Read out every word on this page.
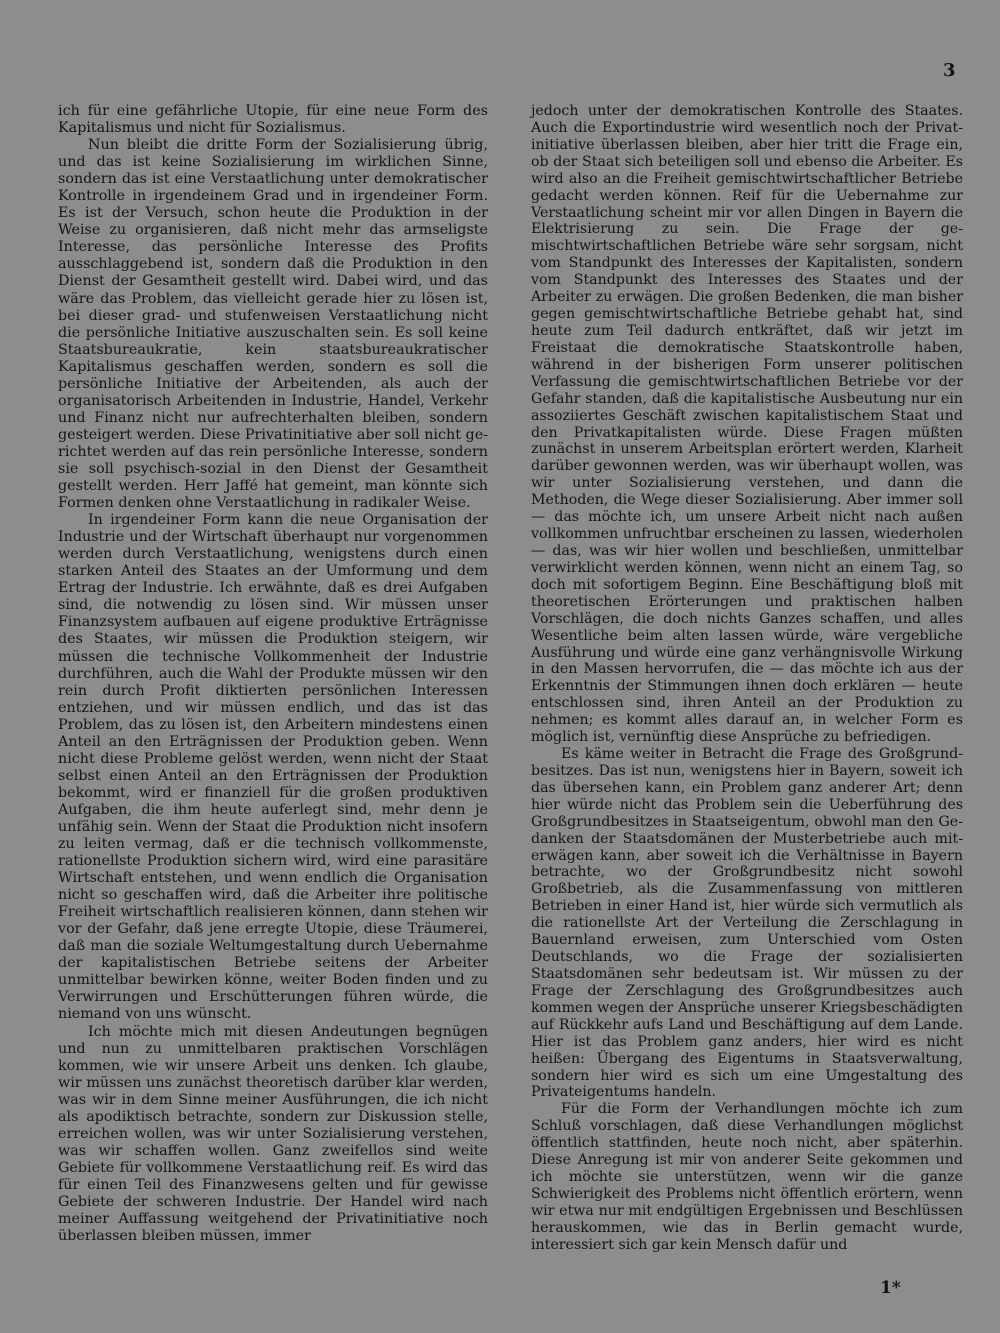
3

ich für eine gefährliche Utopie, für eine neue Form des Kapitalismus und nicht für Sozialismus.

Nun bleibt die dritte Form der Sozialisierung übrig, und das ist keine Sozialisierung im wirklichen Sinne, sondern das ist eine Verstaatlichung unter demokratischer Kontrolle in irgendeinem Grad und in irgendeiner Form. Es ist der Versuch, schon heute die Produktion in der Weise zu organisieren, daß nicht mehr das armseligste Interesse, das persönliche Interesse des Profits ausschlaggebend ist, sondern daß die Produktion in den Dienst der Gesamtheit gestellt wird. Dabei wird, und das wäre das Problem, das vielleicht gerade hier zu lösen ist, bei dieser grad- und stufenweisen Verstaatlichung nicht die persönliche Initiative auszuschalten sein. Es soll keine Staatsbureaukratie, kein staatsbureaukratischer Kapitalismus geschaffen werden, sondern es soll die persönliche Initiative der Arbeitenden, als auch der organisatorisch Arbeitenden in Industrie, Handel, Verkehr und Finanz nicht nur aufrechterhalten bleiben, sondern gesteigert werden. Diese Privatinitiative aber soll nicht gerichtet werden auf das rein persönliche Interesse, sondern sie soll psychisch-sozial in den Dienst der Gesamtheit gestellt werden. Herr Jaffé hat gemeint, man könnte sich Formen denken ohne Verstaatlichung in radikaler Weise.

In irgendeiner Form kann die neue Organisation der Industrie und der Wirtschaft überhaupt nur vorgenommen werden durch Verstaatlichung, wenigstens durch einen starken Anteil des Staates an der Umformung und dem Ertrag der Industrie. Ich erwähnte, daß es drei Aufgaben sind, die notwendig zu lösen sind. Wir müssen unser Finanzsystem aufbauen auf eigene produktive Erträgnisse des Staates, wir müssen die Produktion steigern, wir müssen die technische Vollkommenheit der Industrie durchführen, auch die Wahl der Produkte müssen wir den rein durch Profit diktierten persönlichen Interessen entziehen, und wir müssen endlich, und das ist das Problem, das zu lösen ist, den Arbeitern mindestens einen Anteil an den Erträgnissen der Produktion geben. Wenn nicht diese Probleme gelöst werden, wenn nicht der Staat selbst einen Anteil an den Erträgnissen der Produktion bekommt, wird er finanziell für die großen produktiven Aufgaben, die ihm heute auferlegt sind, mehr denn je unfähig sein. Wenn der Staat die Produktion nicht insofern zu leiten vermag, daß er die technisch vollkommenste, rationellste Produktion sichern wird, wird eine parasitäre Wirtschaft entstehen, und wenn endlich die Organisation nicht so geschaffen wird, daß die Arbeiter ihre politische Freiheit wirtschaftlich realisieren können, dann stehen wir vor der Gefahr, daß jene erregte Utopie, diese Träumerei, daß man die soziale Weltumgestaltung durch Uebernahme der kapitalistischen Betriebe seitens der Arbeiter unmittelbar bewirken könne, weiter Boden finden und zu Verwirrungen und Erschütterungen führen würde, die niemand von uns wünscht.

Ich möchte mich mit diesen Andeutungen begnügen und nun zu unmittelbaren praktischen Vorschlägen kommen, wie wir unsere Arbeit uns denken. Ich glaube, wir müssen uns zunächst theoretisch darüber klar werden, was wir in dem Sinne meiner Ausführungen, die ich nicht als apodiktisch betrachte, sondern zur Diskussion stelle, erreichen wollen, was wir unter Sozialisierung verstehen, was wir schaffen wollen. Ganz zweifellos sind weite Gebiete für vollkommene Verstaatlichung reif. Es wird das für einen Teil des Finanzwesens gelten und für gewisse Gebiete der schweren Industrie. Der Handel wird nach meiner Auffassung weitgehend der Privatinitiative noch überlassen bleiben müssen, immer

jedoch unter der demokratischen Kontrolle des Staates. Auch die Exportindustrie wird wesentlich noch der Privatinitiative überlassen bleiben, aber hier tritt die Frage ein, ob der Staat sich beteiligen soll und ebenso die Arbeiter. Es wird also an die Freiheit gemischtwirtschaftlicher Betriebe gedacht werden können. Reif für die Uebernahme zur Verstaatlichung scheint mir vor allen Dingen in Bayern die Elektrisierung zu sein. Die Frage der gemischtwirtschaftlichen Betriebe wäre sehr sorgsam, nicht vom Standpunkt des Interesses der Kapitalisten, sondern vom Standpunkt des Interesses des Staates und der Arbeiter zu erwägen. Die großen Bedenken, die man bisher gegen gemischtwirtschaftliche Betriebe gehabt hat, sind heute zum Teil dadurch entkräftet, daß wir jetzt im Freistaat die demokratische Staatskontrolle haben, während in der bisherigen Form unserer politischen Verfassung die gemischtwirtschaftlichen Betriebe vor der Gefahr standen, daß die kapitalistische Ausbeutung nur ein assoziiertes Geschäft zwischen kapitalistischem Staat und den Privatkapitalisten würde. Diese Fragen müßten zunächst in unserem Arbeitsplan erörtert werden, Klarheit darüber gewonnen werden, was wir überhaupt wollen, was wir unter Sozialisierung verstehen, und dann die Methoden, die Wege dieser Sozialisierung. Aber immer soll — das möchte ich, um unsere Arbeit nicht nach außen vollkommen unfruchtbar erscheinen zu lassen, wiederholen — das, was wir hier wollen und beschließen, unmittelbar verwirklicht werden können, wenn nicht an einem Tag, so doch mit sofortigem Beginn. Eine Beschäftigung bloß mit theoretischen Erörterungen und praktischen halben Vorschlägen, die doch nichts Ganzes schaffen, und alles Wesentliche beim alten lassen würde, wäre vergebliche Ausführung und würde eine ganz verhängnisvolle Wirkung in den Massen hervorrufen, die — das möchte ich aus der Erkenntnis der Stimmungen ihnen doch erklären — heute entschlossen sind, ihren Anteil an der Produktion zu nehmen; es kommt alles darauf an, in welcher Form es möglich ist, vernünftig diese Ansprüche zu befriedigen.

Es käme weiter in Betracht die Frage des Großgrundbesitzes. Das ist nun, wenigstens hier in Bayern, soweit ich das übersehen kann, ein Problem ganz anderer Art; denn hier würde nicht das Problem sein die Ueberführung des Großgrundbesitzes in Staatseigentum, obwohl man den Gedanken der Staatsdomänen der Musterbetriebe auch miterwägen kann, aber soweit ich die Verhältnisse in Bayern betrachte, wo der Großgrundbesitz nicht sowohl Großbetrieb, als die Zusammenfassung von mittleren Betrieben in einer Hand ist, hier würde sich vermutlich als die rationellste Art der Verteilung die Zerschlagung in Bauernland erweisen, zum Unterschied vom Osten Deutschlands, wo die Frage der sozialisierten Staatsdomänen sehr bedeutsam ist. Wir müssen zu der Frage der Zerschlagung des Großgrundbesitzes auch kommen wegen der Ansprüche unserer Kriegsbeschädigten auf Rückkehr aufs Land und Beschäftigung auf dem Lande. Hier ist das Problem ganz anders, hier wird es nicht heißen: Übergang des Eigentums in Staatsverwaltung, sondern hier wird es sich um eine Umgestaltung des Privateigentums handeln.

Für die Form der Verhandlungen möchte ich zum Schluß vorschlagen, daß diese Verhandlungen möglichst öffentlich stattfinden, heute noch nicht, aber späterhin. Diese Anregung ist mir von anderer Seite gekommen und ich möchte sie unterstützen, wenn wir die ganze Schwierigkeit des Problems nicht öffentlich erörtern, wenn wir etwa nur mit endgültigen Ergebnissen und Beschlüssen herauskommen, wie das in Berlin gemacht wurde, interessiert sich gar kein Mensch dafür und

1*
